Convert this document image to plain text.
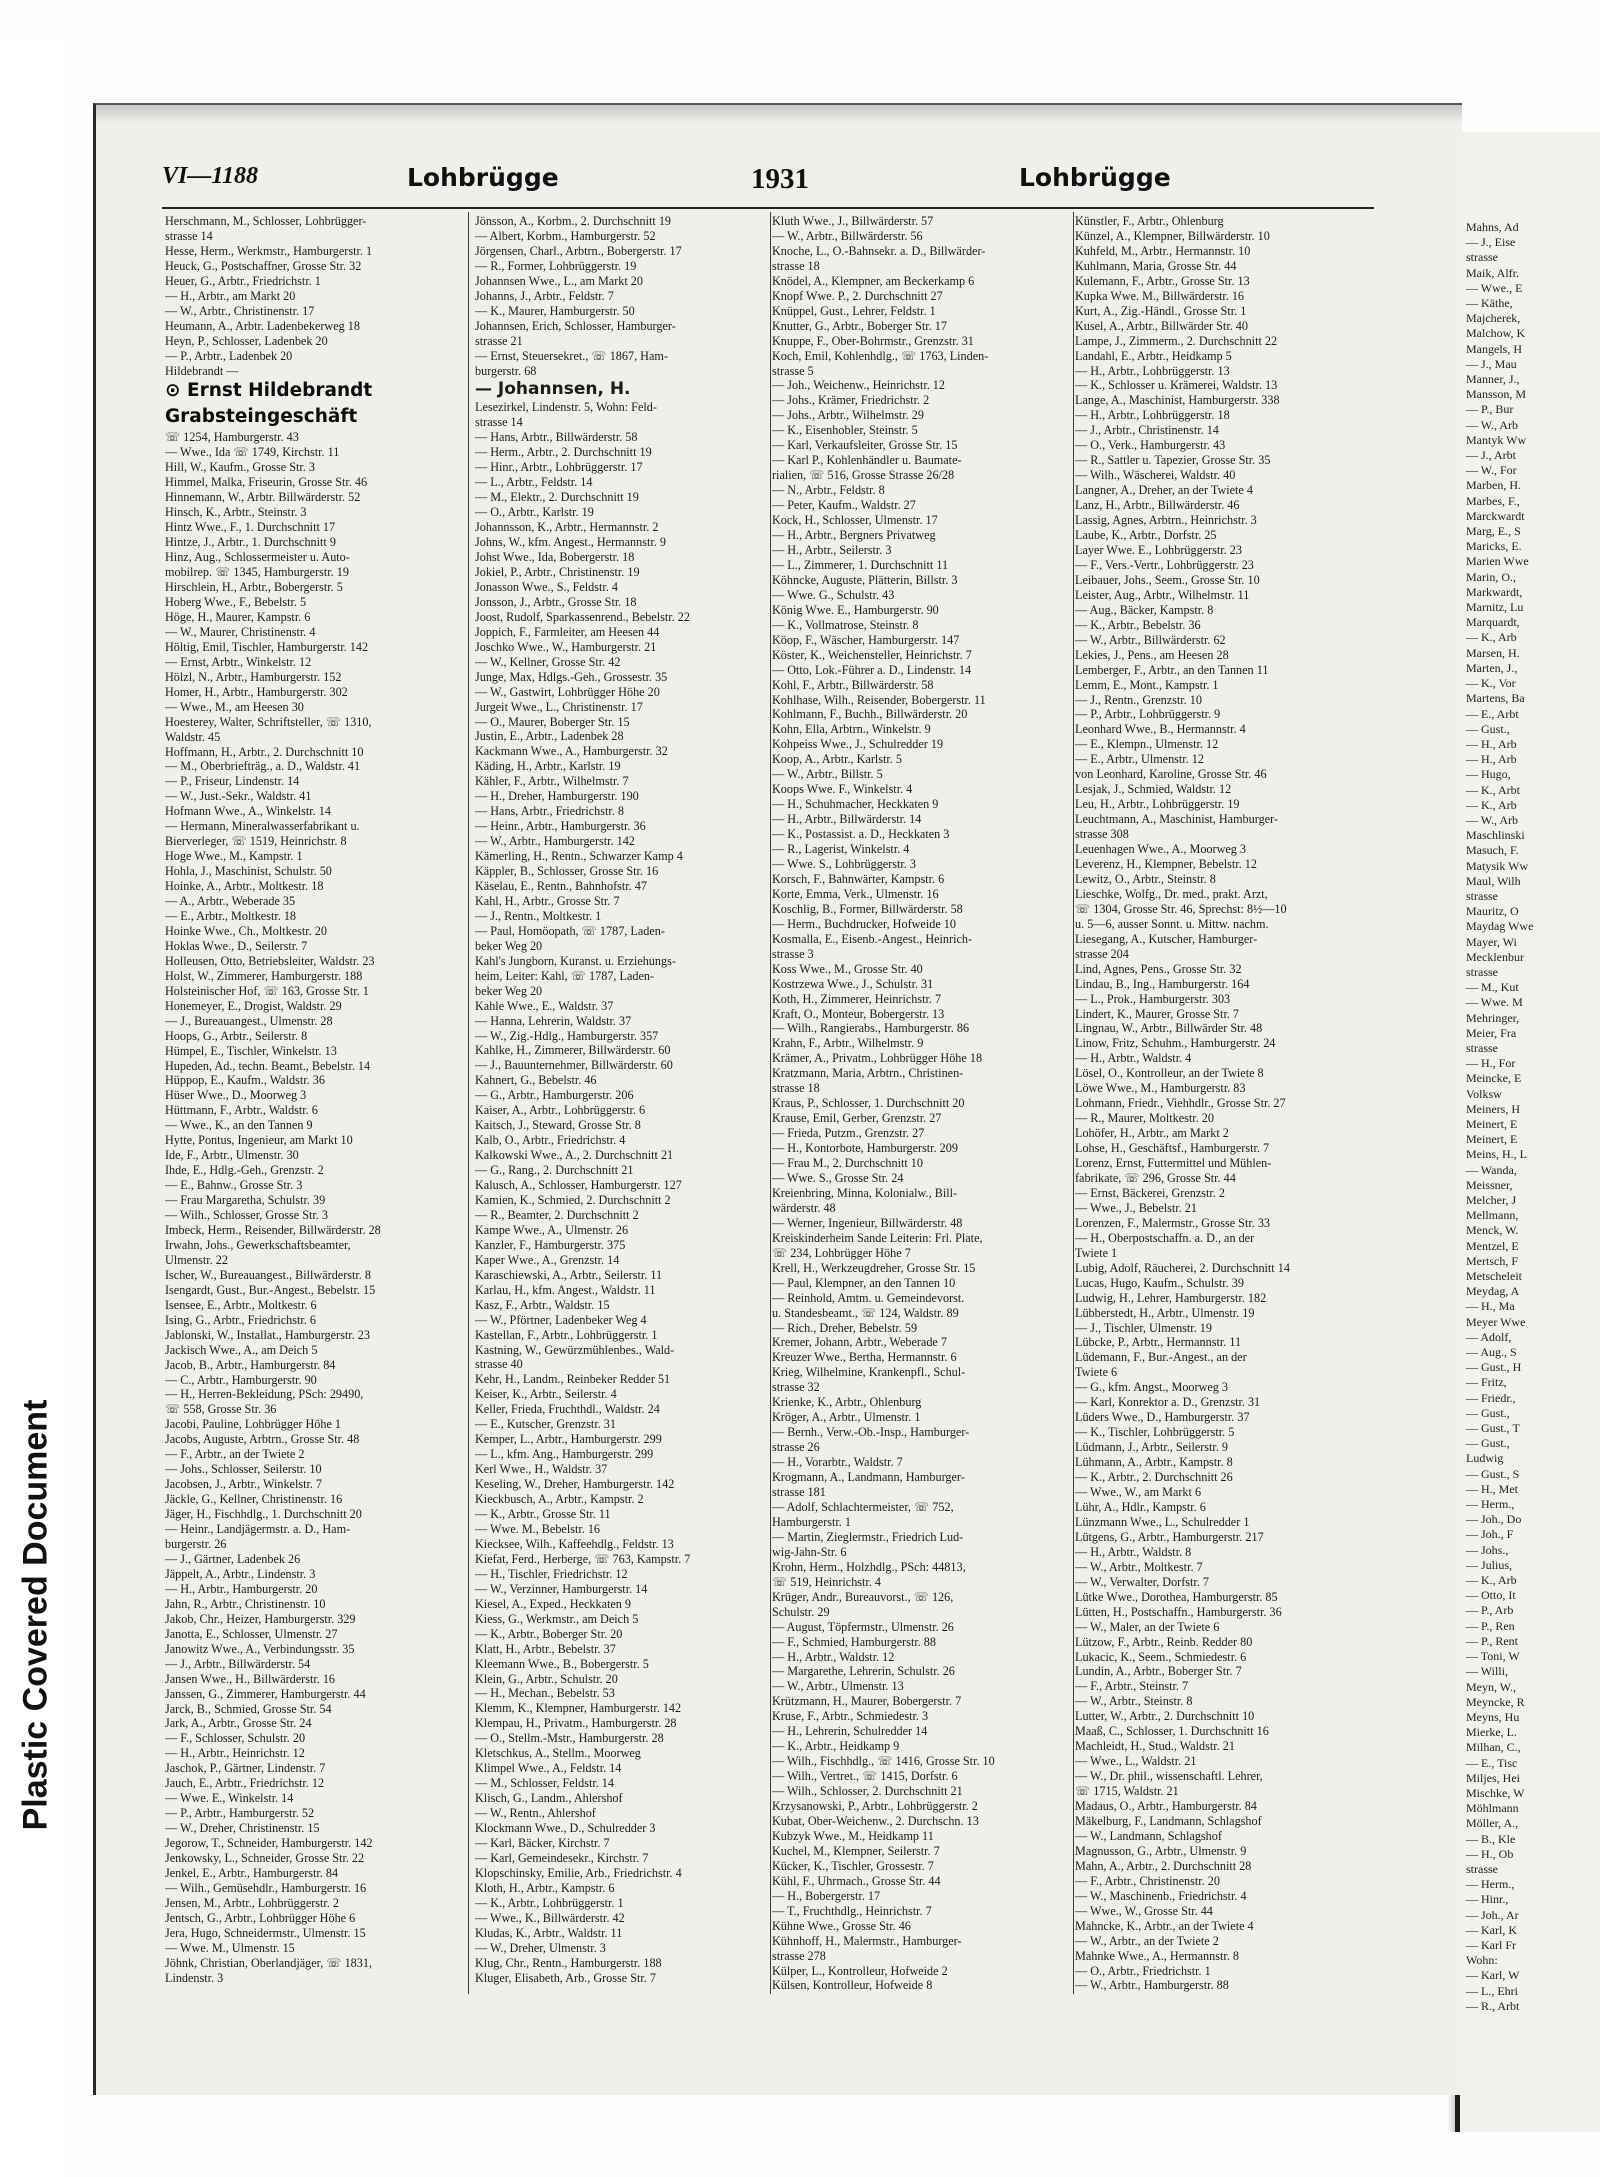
Plastic Covered Document
Mahns, Ad
— J., Eise
strasse
Maik, Alfr.
— Wwe., E
— Käthe,
Majcherek,
Malchow, K
Mangels, H
— J., Mau
Manner, J.,
Mansson, M
— P., Bur
— W., Arb
Mantyk Ww
— J., Arbt
— W., For
Marben, H.
Marbes, F.,
Marckwardt
Marg, E., S
Maricks, E.
Marien Wwe
Marin, O.,
Markwardt,
Marnitz, Lu
Marquardt,
— K., Arb
Marsen, H.
Marten, J.,
— K., Vor
Martens, Ba
— E., Arbt
— Gust.,
— H., Arb
— H., Arb
— Hugo,
— K., Arbt
— K., Arb
— W., Arb
Maschlinski
Masuch, F.
Matysik Ww
Maul, Wilh
strasse
Mauritz, O
Maydag Wwe
Mayer, Wi
Mecklenbur
strasse
— M., Kut
— Wwe. M
Mehringer,
Meier, Fra
strasse
— H., For
Meincke, E
Volksw
Meiners, H
Meinert, E
Meinert, E
Meins, H., L
— Wanda,
Meissner,
Melcher, J
Mellmann,
Menck, W.
Mentzel, E
Mertsch, F
Metscheleit
Meydag, A
— H., Ma
Meyer Wwe
— Adolf,
— Aug., S
— Gust., H
— Fritz,
— Friedr.,
— Gust.,
— Gust., T
— Gust.,
Ludwig
— Gust., S
— H., Met
— Herm.,
— Joh., Do
— Joh., F
— Johs.,
— Julius,
— K., Arb
— Otto, It
— P., Arb
— P., Ren
— P., Rent
— Toni, W
— Willi,
Meyn, W.,
Meyncke, R
Meyns, Hu
Mierke, L.
Milhan, C.,
— E., Tisc
Miljes, Hei
Mischke, W
Möhlmann
Möller, A.,
— B., Kle
— H., Ob
strasse
— Herm.,
— Hinr.,
— Joh., Ar
— Karl, K
— Karl Fr
Wohn:
— Karl, W
— L., Ehri
— R., Arbt
VI—1188	Lohbrügge	1931	Lohbrügge
Herschmann, M., Schlosser, Lohbrügger-
strasse 14
Hesse, Herm., Werkmstr., Hamburgerstr. 1
Heuck, G., Postschaffner, Grosse Str. 32
Heuer, G., Arbtr., Friedrichstr. 1
— H., Arbtr., am Markt 20
— W., Arbtr., Christinenstr. 17
Heumann, A., Arbtr. Ladenbekerweg 18
Heyn, P., Schlosser, Ladenbek 20
— P., Arbtr., Ladenbek 20
Hildebrandt —
⊙ Ernst Hildebrandt
Grabsteingeschäft
☏ 1254, Hamburgerstr. 43
— Wwe., Ida ☏ 1749, Kirchstr. 11
Hill, W., Kaufm., Grosse Str. 3
Himmel, Malka, Friseurin, Grosse Str. 46
Hinnemann, W., Arbtr. Billwärderstr. 52
Hinsch, K., Arbtr., Steinstr. 3
Hintz Wwe., F., 1. Durchschnitt 17
Hintze, J., Arbtr., 1. Durchschnitt 9
Hinz, Aug., Schlossermeister u. Auto-
mobilrep. ☏ 1345, Hamburgerstr. 19
Hirschlein, H., Arbtr., Bobergerstr. 5
Hoberg Wwe., F., Bebelstr. 5
Höge, H., Maurer, Kampstr. 6
— W., Maurer, Christinenstr. 4
Höltig, Emil, Tischler, Hamburgerstr. 142
— Ernst, Arbtr., Winkelstr. 12
Hölzl, N., Arbtr., Hamburgerstr. 152
Homer, H., Arbtr., Hamburgerstr. 302
— Wwe., M., am Heesen 30
Hoesterey, Walter, Schriftsteller, ☏ 1310,
Waldstr. 45
Hoffmann, H., Arbtr., 2. Durchschnitt 10
— M., Oberbriefträg., a. D., Waldstr. 41
— P., Friseur, Lindenstr. 14
— W., Just.-Sekr., Waldstr. 41
Hofmann Wwe., A., Winkelstr. 14
— Hermann, Mineralwasserfabrikant u.
Bierverleger, ☏ 1519, Heinrichstr. 8
Hoge Wwe., M., Kampstr. 1
Hohla, J., Maschinist, Schulstr. 50
Hoinke, A., Arbtr., Moltkestr. 18
— A., Arbtr., Weberade 35
— E., Arbtr., Moltkestr. 18
Hoinke Wwe., Ch., Moltkestr. 20
Hoklas Wwe., D., Seilerstr. 7
Holleusen, Otto, Betriebsleiter, Waldstr. 23
Holst, W., Zimmerer, Hamburgerstr. 188
Holsteinischer Hof, ☏ 163, Grosse Str. 1
Honemeyer, E., Drogist, Waldstr. 29
— J., Bureauangest., Ulmenstr. 28
Hoops, G., Arbtr., Seilerstr. 8
Hümpel, E., Tischler, Winkelstr. 13
Hupeden, Ad., techn. Beamt., Bebelstr. 14
Hüppop, E., Kaufm., Waldstr. 36
Hüser Wwe., D., Moorweg 3
Hüttmann, F., Arbtr., Waldstr. 6
— Wwe., K., an den Tannen 9
Hytte, Pontus, Ingenieur, am Markt 10
Ide, F., Arbtr., Ulmenstr. 30
Ihde, E., Hdlg.-Geh., Grenzstr. 2
— E., Bahnw., Grosse Str. 3
— Frau Margaretha, Schulstr. 39
— Wilh., Schlosser, Grosse Str. 3
Imbeck, Herm., Reisender, Billwärderstr. 28
Irwahn, Johs., Gewerkschaftsbeamter,
Ulmenstr. 22
Ischer, W., Bureauangest., Billwärderstr. 8
Isengardt, Gust., Bur.-Angest., Bebelstr. 15
Isensee, E., Arbtr., Moltkestr. 6
Ising, G., Arbtr., Friedrichstr. 6
Jablonski, W., Installat., Hamburgerstr. 23
Jackisch Wwe., A., am Deich 5
Jacob, B., Arbtr., Hamburgerstr. 84
— C., Arbtr., Hamburgerstr. 90
— H., Herren-Bekleidung, PSch: 29490,
☏ 558, Grosse Str. 36
Jacobi, Pauline, Lohbrügger Höhe 1
Jacobs, Auguste, Arbtrn., Grosse Str. 48
— F., Arbtr., an der Twiete 2
— Johs., Schlosser, Seilerstr. 10
Jacobsen, J., Arbtr., Winkelstr. 7
Jäckle, G., Kellner, Christinenstr. 16
Jäger, H., Fischhdlg., 1. Durchschnitt 20
— Heinr., Landjägermstr. a. D., Ham-
burgerstr. 26
— J., Gärtner, Ladenbek 26
Jäppelt, A., Arbtr., Lindenstr. 3
— H., Arbtr., Hamburgerstr. 20
Jahn, R., Arbtr., Christinenstr. 10
Jakob, Chr., Heizer, Hamburgerstr. 329
Janotta, E., Schlosser, Ulmenstr. 27
Janowitz Wwe., A., Verbindungsstr. 35
— J., Arbtr., Billwärderstr. 54
Jansen Wwe., H., Billwärderstr. 16
Janssen, G., Zimmerer, Hamburgerstr. 44
Jarck, B., Schmied, Grosse Str. 54
Jark, A., Arbtr., Grosse Str. 24
— F., Schlosser, Schulstr. 20
— H., Arbtr., Heinrichstr. 12
Jaschok, P., Gärtner, Lindenstr. 7
Jauch, E., Arbtr., Friedrichstr. 12
— Wwe. E., Winkelstr. 14
— P., Arbtr., Hamburgerstr. 52
— W., Dreher, Christinenstr. 15
Jegorow, T., Schneider, Hamburgerstr. 142
Jenkowsky, L., Schneider, Grosse Str. 22
Jenkel, E., Arbtr., Hamburgerstr. 84
— Wilh., Gemüsehdlr., Hamburgerstr. 16
Jensen, M., Arbtr., Lohbrüggerstr. 2
Jentsch, G., Arbtr., Lohbrügger Höhe 6
Jera, Hugo, Schneidermstr., Ulmenstr. 15
— Wwe. M., Ulmenstr. 15
Jöhnk, Christian, Oberlandjäger, ☏ 1831,
Lindenstr. 3
Jönsson, A., Korbm., 2. Durchschnitt 19
— Albert, Korbm., Hamburgerstr. 52
Jörgensen, Charl., Arbtrn., Bobergerstr. 17
— R., Former, Lohbrüggerstr. 19
Johannsen Wwe., L., am Markt 20
Johanns, J., Arbtr., Feldstr. 7
— K., Maurer, Hamburgerstr. 50
Johannsen, Erich, Schlosser, Hamburger-
strasse 21
— Ernst, Steuersekret., ☏ 1867, Ham-
burgerstr. 68
— Johannsen, H.
Lesezirkel, Lindenstr. 5, Wohn: Feld-
strasse 14
— Hans, Arbtr., Billwärderstr. 58
— Herm., Arbtr., 2. Durchschnitt 19
— Hinr., Arbtr., Lohbrüggerstr. 17
— L., Arbtr., Feldstr. 14
— M., Elektr., 2. Durchschnitt 19
— O., Arbtr., Karlstr. 19
Johannsson, K., Arbtr., Hermannstr. 2
Johns, W., kfm. Angest., Hermannstr. 9
Johst Wwe., Ida, Bobergerstr. 18
Jokiel, P., Arbtr., Christinenstr. 19
Jonasson Wwe., S., Feldstr. 4
Jonsson, J., Arbtr., Grosse Str. 18
Joost, Rudolf, Sparkassenrend., Bebelstr. 22
Joppich, F., Farmleiter, am Heesen 44
Joschko Wwe., W., Hamburgerstr. 21
— W., Kellner, Grosse Str. 42
Junge, Max, Hdlgs.-Geh., Grossestr. 35
— W., Gastwirt, Lohbrügger Höhe 20
Jurgeit Wwe., L., Christinenstr. 17
— O., Maurer, Boberger Str. 15
Justin, E., Arbtr., Ladenbek 28
Kackmann Wwe., A., Hamburgerstr. 32
Käding, H., Arbtr., Karlstr. 19
Kähler, F., Arbtr., Wilhelmstr. 7
— H., Dreher, Hamburgerstr. 190
— Hans, Arbtr., Friedrichstr. 8
— Heinr., Arbtr., Hamburgerstr. 36
— W., Arbtr., Hamburgerstr. 142
Kämerling, H., Rentn., Schwarzer Kamp 4
Käppler, B., Schlosser, Grosse Str. 16
Käselau, E., Rentn., Bahnhofstr. 47
Kahl, H., Arbtr., Grosse Str. 7
— J., Rentn., Moltkestr. 1
— Paul, Homöopath, ☏ 1787, Laden-
beker Weg 20
Kahl's Jungborn, Kuranst. u. Erziehungs-
heim, Leiter: Kahl, ☏ 1787, Laden-
beker Weg 20
Kahle Wwe., E., Waldstr. 37
— Hanna, Lehrerin, Waldstr. 37
— W., Zig.-Hdlg., Hamburgerstr. 357
Kahlke, H., Zimmerer, Billwärderstr. 60
— J., Bauunternehmer, Billwärderstr. 60
Kahnert, G., Bebelstr. 46
— G., Arbtr., Hamburgerstr. 206
Kaiser, A., Arbtr., Lohbrüggerstr. 6
Kaitsch, J., Steward, Grosse Str. 8
Kalb, O., Arbtr., Friedrichstr. 4
Kalkowski Wwe., A., 2. Durchschnitt 21
— G., Rang., 2. Durchschnitt 21
Kalusch, A., Schlosser, Hamburgerstr. 127
Kamien, K., Schmied, 2. Durchschnitt 2
— R., Beamter, 2. Durchschnitt 2
Kampe Wwe., A., Ulmenstr. 26
Kanzler, F., Hamburgerstr. 375
Kaper Wwe., A., Grenzstr. 14
Karaschiewski, A., Arbtr., Seilerstr. 11
Karlau, H., kfm. Angest., Waldstr. 11
Kasz, F., Arbtr., Waldstr. 15
— W., Pförtner, Ladenbeker Weg 4
Kastellan, F., Arbtr., Lohbrüggerstr. 1
Kastning, W., Gewürzmühlenbes., Wald-
strasse 40
Kehr, H., Landm., Reinbeker Redder 51
Keiser, K., Arbtr., Seilerstr. 4
Keller, Frieda, Fruchthdl., Waldstr. 24
— E., Kutscher, Grenzstr. 31
Kemper, L., Arbtr., Hamburgerstr. 299
— L., kfm. Ang., Hamburgerstr. 299
Kerl Wwe., H., Waldstr. 37
Keseling, W., Dreher, Hamburgerstr. 142
Kieckbusch, A., Arbtr., Kampstr. 2
— K., Arbtr., Grosse Str. 11
— Wwe. M., Bebelstr. 16
Kiecksee, Wilh., Kaffeehdlg., Feldstr. 13
Kiefat, Ferd., Herberge, ☏ 763, Kampstr. 7
— H., Tischler, Friedrichstr. 12
— W., Verzinner, Hamburgerstr. 14
Kiesel, A., Exped., Heckkaten 9
Kiess, G., Werkmstr., am Deich 5
— K., Arbtr., Boberger Str. 20
Klatt, H., Arbtr., Bebelstr. 37
Kleemann Wwe., B., Bobergerstr. 5
Klein, G., Arbtr., Schulstr. 20
— H., Mechan., Bebelstr. 53
Klemm, K., Klempner, Hamburgerstr. 142
Klempau, H., Privatm., Hamburgerstr. 28
— O., Stellm.-Mstr., Hamburgerstr. 28
Kletschkus, A., Stellm., Moorweg
Klimpel Wwe., A., Feldstr. 14
— M., Schlosser, Feldstr. 14
Klisch, G., Landm., Ahlershof
— W., Rentn., Ahlershof
Klockmann Wwe., D., Schulredder 3
— Karl, Bäcker, Kirchstr. 7
— Karl, Gemeindesekr., Kirchstr. 7
Klopschinsky, Emilie, Arb., Friedrichstr. 4
Kloth, H., Arbtr., Kampstr. 6
— K., Arbtr., Lohbrüggerstr. 1
— Wwe., K., Billwärderstr. 42
Kludas, K., Arbtr., Waldstr. 11
— W., Dreher, Ulmenstr. 3
Klug, Chr., Rentn., Hamburgerstr. 188
Kluger, Elisabeth, Arb., Grosse Str. 7
Kluth Wwe., J., Billwärderstr. 57
— W., Arbtr., Billwärderstr. 56
Knoche, L., O.-Bahnsekr. a. D., Billwärder-
strasse 18
Knödel, A., Klempner, am Beckerkamp 6
Knopf Wwe. P., 2. Durchschnitt 27
Knüppel, Gust., Lehrer, Feldstr. 1
Knutter, G., Arbtr., Boberger Str. 17
Knuppe, F., Ober-Bohrmstr., Grenzstr. 31
Koch, Emil, Kohlenhdlg., ☏ 1763, Linden-
strasse 5
— Joh., Weichenw., Heinrichstr. 12
— Johs., Krämer, Friedrichstr. 2
— Johs., Arbtr., Wilhelmstr. 29
— K., Eisenhobler, Steinstr. 5
— Karl, Verkaufsleiter, Grosse Str. 15
— Karl P., Kohlenhändler u. Baumate-
rialien, ☏ 516, Grosse Strasse 26/28
— N., Arbtr., Feldstr. 8
— Peter, Kaufm., Waldstr. 27
Kock, H., Schlosser, Ulmenstr. 17
— H., Arbtr., Bergners Privatweg
— H., Arbtr., Seilerstr. 3
— L., Zimmerer, 1. Durchschnitt 11
Köhncke, Auguste, Plätterin, Billstr. 3
— Wwe. G., Schulstr. 43
König Wwe. E., Hamburgerstr. 90
— K., Vollmatrose, Steinstr. 8
Köop, F., Wäscher, Hamburgerstr. 147
Köster, K., Weichensteller, Heinrichstr. 7
— Otto, Lok.-Führer a. D., Lindenstr. 14
Kohl, F., Arbtr., Billwärderstr. 58
Kohlhase, Wilh., Reisender, Bobergerstr. 11
Kohlmann, F., Buchh., Billwärderstr. 20
Kohn, Ella, Arbtrn., Winkelstr. 9
Kohpeiss Wwe., J., Schulredder 19
Koop, A., Arbtr., Karlstr. 5
— W., Arbtr., Billstr. 5
Koops Wwe. F., Winkelstr. 4
— H., Schuhmacher, Heckkaten 9
— H., Arbtr., Billwärderstr. 14
— K., Postassist. a. D., Heckkaten 3
— R., Lagerist, Winkelstr. 4
— Wwe. S., Lohbrüggerstr. 3
Korsch, F., Bahnwärter, Kampstr. 6
Korte, Emma, Verk., Ulmenstr. 16
Koschlig, B., Former, Billwärderstr. 58
— Herm., Buchdrucker, Hofweide 10
Kosmalla, E., Eisenb.-Angest., Heinrich-
strasse 3
Koss Wwe., M., Grosse Str. 40
Kostrzewa Wwe., J., Schulstr. 31
Koth, H., Zimmerer, Heinrichstr. 7
Kraft, O., Monteur, Bobergerstr. 13
— Wilh., Rangierabs., Hamburgerstr. 86
Krahn, F., Arbtr., Wilhelmstr. 9
Krämer, A., Privatm., Lohbrügger Höhe 18
Kratzmann, Maria, Arbtrn., Christinen-
strasse 18
Kraus, P., Schlosser, 1. Durchschnitt 20
Krause, Emil, Gerber, Grenzstr. 27
— Frieda, Putzm., Grenzstr. 27
— H., Kontorbote, Hamburgerstr. 209
— Frau M., 2. Durchschnitt 10
— Wwe. S., Grosse Str. 24
Kreienbring, Minna, Kolonialw., Bill-
wärderstr. 48
— Werner, Ingenieur, Billwärderstr. 48
Kreiskinderheim Sande Leiterin: Frl. Plate,
☏ 234, Lohbrügger Höhe 7
Krell, H., Werkzeugdreher, Grosse Str. 15
— Paul, Klempner, an den Tannen 10
— Reinhold, Amtm. u. Gemeindevorst.
u. Standesbeamt., ☏ 124, Waldstr. 89
— Rich., Dreher, Bebelstr. 59
Kremer, Johann, Arbtr., Weberade 7
Kreuzer Wwe., Bertha, Hermannstr. 6
Krieg, Wilhelmine, Krankenpfl., Schul-
strasse 32
Krienke, K., Arbtr., Ohlenburg
Kröger, A., Arbtr., Ulmenstr. 1
— Bernh., Verw.-Ob.-Insp., Hamburger-
strasse 26
— H., Vorarbtr., Waldstr. 7
Krogmann, A., Landmann, Hamburger-
strasse 181
— Adolf, Schlachtermeister, ☏ 752,
Hamburgerstr. 1
— Martin, Zieglermstr., Friedrich Lud-
wig-Jahn-Str. 6
Krohn, Herm., Holzhdlg., PSch: 44813,
☏ 519, Heinrichstr. 4
Krüger, Andr., Bureauvorst., ☏ 126,
Schulstr. 29
— August, Töpfermstr., Ulmenstr. 26
— F., Schmied, Hamburgerstr. 88
— H., Arbtr., Waldstr. 12
— Margarethe, Lehrerin, Schulstr. 26
— W., Arbtr., Ulmenstr. 13
Krützmann, H., Maurer, Bobergerstr. 7
Kruse, F., Arbtr., Schmiedestr. 3
— H., Lehrerin, Schulredder 14
— K., Arbtr., Heidkamp 9
— Wilh., Fischhdlg., ☏ 1416, Grosse Str. 10
— Wilh., Vertret., ☏ 1415, Dorfstr. 6
— Wilh., Schlosser, 2. Durchschnitt 21
Krzysanowski, P., Arbtr., Lohbrüggerstr. 2
Kubat, Ober-Weichenw., 2. Durchschn. 13
Kubzyk Wwe., M., Heidkamp 11
Kuchel, M., Klempner, Seilerstr. 7
Kücker, K., Tischler, Grossestr. 7
Kühl, F., Uhrmach., Grosse Str. 44
— H., Bobergerstr. 17
— T., Fruchthdlg., Heinrichstr. 7
Kühne Wwe., Grosse Str. 46
Kühnhoff, H., Malermstr., Hamburger-
strasse 278
Külper, L., Kontrolleur, Hofweide 2
Külsen, Kontrolleur, Hofweide 8
Künstler, F., Arbtr., Ohlenburg
Künzel, A., Klempner, Billwärderstr. 10
Kuhfeld, M., Arbtr., Hermannstr. 10
Kuhlmann, Maria, Grosse Str. 44
Kulemann, F., Arbtr., Grosse Str. 13
Kupka Wwe. M., Billwärderstr. 16
Kurt, A., Zig.-Händl., Grosse Str. 1
Kusel, A., Arbtr., Billwärder Str. 40
Lampe, J., Zimmerm., 2. Durchschnitt 22
Landahl, E., Arbtr., Heidkamp 5
— H., Arbtr., Lohbrüggerstr. 13
— K., Schlosser u. Krämerei, Waldstr. 13
Lange, A., Maschinist, Hamburgerstr. 338
— H., Arbtr., Lohbrüggerstr. 18
— J., Arbtr., Christinenstr. 14
— O., Verk., Hamburgerstr. 43
— R., Sattler u. Tapezier, Grosse Str. 35
— Wilh., Wäscherei, Waldstr. 40
Langner, A., Dreher, an der Twiete 4
Lanz, H., Arbtr., Billwärderstr. 46
Lassig, Agnes, Arbtrn., Heinrichstr. 3
Laube, K., Arbtr., Dorfstr. 25
Layer Wwe. E., Lohbrüggerstr. 23
— F., Vers.-Vertr., Lohbrüggerstr. 23
Leibauer, Johs., Seem., Grosse Str. 10
Leister, Aug., Arbtr., Wilhelmstr. 11
— Aug., Bäcker, Kampstr. 8
— K., Arbtr., Bebelstr. 36
— W., Arbtr., Billwärderstr. 62
Lekies, J., Pens., am Heesen 28
Lemberger, F., Arbtr., an den Tannen 11
Lemm, E., Mont., Kampstr. 1
— J., Rentn., Grenzstr. 10
— P., Arbtr., Lohbrüggerstr. 9
Leonhard Wwe., B., Hermannstr. 4
— E., Klempn., Ulmenstr. 12
— E., Arbtr., Ulmenstr. 12
von Leonhard, Karoline, Grosse Str. 46
Lesjak, J., Schmied, Waldstr. 12
Leu, H., Arbtr., Lohbrüggerstr. 19
Leuchtmann, A., Maschinist, Hamburger-
strasse 308
Leuenhagen Wwe., A., Moorweg 3
Leverenz, H., Klempner, Bebelstr. 12
Lewitz, O., Arbtr., Steinstr. 8
Lieschke, Wolfg., Dr. med., prakt. Arzt,
☏ 1304, Grosse Str. 46, Sprechst: 8½—10
u. 5—6, ausser Sonnt. u. Mittw. nachm.
Liesegang, A., Kutscher, Hamburger-
strasse 204
Lind, Agnes, Pens., Grosse Str. 32
Lindau, B., Ing., Hamburgerstr. 164
— L., Prok., Hamburgerstr. 303
Lindert, K., Maurer, Grosse Str. 7
Lingnau, W., Arbtr., Billwärder Str. 48
Linow, Fritz, Schuhm., Hamburgerstr. 24
— H., Arbtr., Waldstr. 4
Lösel, O., Kontrolleur, an der Twiete 8
Löwe Wwe., M., Hamburgerstr. 83
Lohmann, Friedr., Viehhdlr., Grosse Str. 27
— R., Maurer, Moltkestr. 20
Lohöfer, H., Arbtr., am Markt 2
Lohse, H., Geschäftsf., Hamburgerstr. 7
Lorenz, Ernst, Futtermittel und Mühlen-
fabrikate, ☏ 296, Grosse Str. 44
— Ernst, Bäckerei, Grenzstr. 2
— Wwe., J., Bebelstr. 21
Lorenzen, F., Malermstr., Grosse Str. 33
— H., Oberpostschaffn. a. D., an der
Twiete 1
Lubig, Adolf, Räucherei, 2. Durchschnitt 14
Lucas, Hugo, Kaufm., Schulstr. 39
Ludwig, H., Lehrer, Hamburgerstr. 182
Lübberstedt, H., Arbtr., Ulmenstr. 19
— J., Tischler, Ulmenstr. 19
Lübcke, P., Arbtr., Hermannstr. 11
Lüdemann, F., Bur.-Angest., an der
Twiete 6
— G., kfm. Angst., Moorweg 3
— Karl, Konrektor a. D., Grenzstr. 31
Lüders Wwe., D., Hamburgerstr. 37
— K., Tischler, Lohbrüggerstr. 5
Lüdmann, J., Arbtr., Seilerstr. 9
Lühmann, A., Arbtr., Kampstr. 8
— K., Arbtr., 2. Durchschnitt 26
— Wwe., W., am Markt 6
Lühr, A., Hdlr., Kampstr. 6
Lünzmann Wwe., L., Schulredder 1
Lütgens, G., Arbtr., Hamburgerstr. 217
— H., Arbtr., Waldstr. 8
— W., Arbtr., Moltkestr. 7
— W., Verwalter, Dorfstr. 7
Lütke Wwe., Dorothea, Hamburgerstr. 85
Lütten, H., Postschaffn., Hamburgerstr. 36
— W., Maler, an der Twiete 6
Lützow, F., Arbtr., Reinb. Redder 80
Lukacic, K., Seem., Schmiedestr. 6
Lundin, A., Arbtr., Boberger Str. 7
— F., Arbtr., Steinstr. 7
— W., Arbtr., Steinstr. 8
Lutter, W., Arbtr., 2. Durchschnitt 10
Maaß, C., Schlosser, 1. Durchschnitt 16
Machleidt, H., Stud., Waldstr. 21
— Wwe., L., Waldstr. 21
— W., Dr. phil., wissenschaftl. Lehrer,
☏ 1715, Waldstr. 21
Madaus, O., Arbtr., Hamburgerstr. 84
Mäkelburg, F., Landmann, Schlagshof
— W., Landmann, Schlagshof
Magnusson, G., Arbtr., Ulmenstr. 9
Mahn, A., Arbtr., 2. Durchschnitt 28
— F., Arbtr., Christinenstr. 20
— W., Maschinenb., Friedrichstr. 4
— Wwe., W., Grosse Str. 44
Mahncke, K., Arbtr., an der Twiete 4
— W., Arbtr., an der Twiete 2
Mahnke Wwe., A., Hermannstr. 8
— O., Arbtr., Friedrichstr. 1
— W., Arbtr., Hamburgerstr. 88
